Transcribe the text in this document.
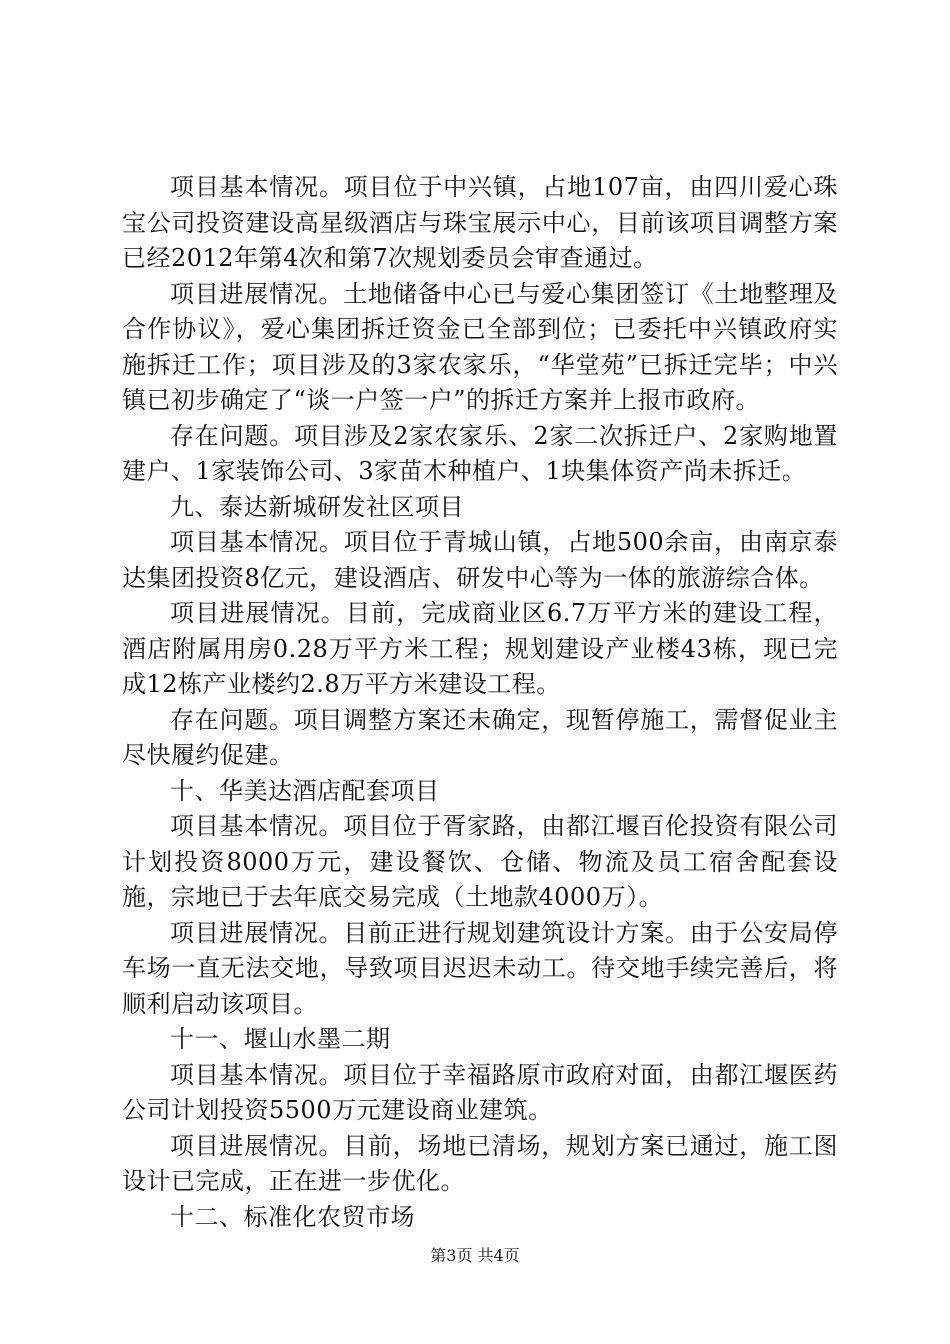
项目基本情况。项目位于中兴镇，占地107亩，由四川爱心珠宝公司投资建设高星级酒店与珠宝展示中心，目前该项目调整方案已经2012年第4次和第7次规划委员会审查通过。

项目进展情况。土地储备中心已与爱心集团签订《土地整理及合作协议》，爱心集团拆迁资金已全部到位；已委托中兴镇政府实施拆迁工作；项目涉及的3家农家乐，“华堂苑”已拆迁完毕；中兴镇已初步确定了“谈一户签一户”的拆迁方案并上报市政府。

存在问题。项目涉及2家农家乐、2家二次拆迁户、2家购地置建户、1家装饰公司、3家苗木种植户、1块集体资产尚未拆迁。

九、泰达新城研发社区项目

项目基本情况。项目位于青城山镇，占地500余亩，由南京泰达集团投资8亿元，建设酒店、研发中心等为一体的旅游综合体。

项目进展情况。目前，完成商业区6.7万平方米的建设工程，酒店附属用房0.28万平方米工程；规划建设产业楼43栋，现已完成12栋产业楼约2.8万平方米建设工程。

存在问题。项目调整方案还未确定，现暂停施工，需督促业主尽快履约促建。

十、华美达酒店配套项目

项目基本情况。项目位于胥家路，由都江堰百伦投资有限公司计划投资8000万元，建设餐饮、仓储、物流及员工宿舍配套设施，宗地已于去年底交易完成（土地款4000万）。

项目进展情况。目前正进行规划建筑设计方案。由于公安局停车场一直无法交地，导致项目迟迟未动工。待交地手续完善后，将顺利启动该项目。

十一、堰山水墨二期

项目基本情况。项目位于幸福路原市政府对面，由都江堰医药公司计划投资5500万元建设商业建筑。

项目进展情况。目前，场地已清场，规划方案已通过，施工图设计已完成，正在进一步优化。

十二、标准化农贸市场

第3页 共4页
